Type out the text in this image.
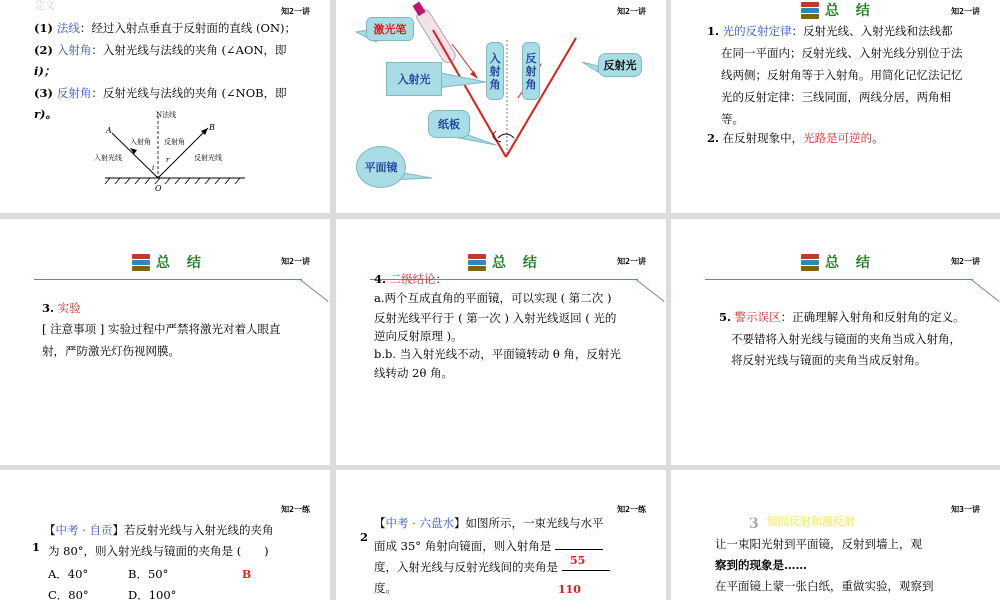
知2一讲
定义
(1) 法线：经过入射点垂直于反射面的直线 (ON)；
(2) 入射角：入射光线与法线的夹角 (∠AON，即
i)；
(3) 反射角：反射光线与法线的夹角 (∠NOB，即
r)。	N法线
A	B
O
入射角 反射角
入射光线	反射光线
i
r
知2一讲
激光笔
入射光
入
射
角
反
射
角
反射光
纸板
平面镜
知2一讲
总 结
1. 光的反射定律：反射光线、入射光线和法线都
在同一平面内；反射光线、入射光线分别位于法
线两侧；反射角等于入射角。用简化记忆法记忆
光的反射定律：三线同面，两线分居，两角相
等。
2. 在反射现象中，光路是可逆的。
知2一讲
总 结
3. 实验
[ 注意事项 ] 实验过程中严禁将激光对着人眼直
射，严防激光灯伤视网膜。
知2一讲
总 结
4. 二级结论：
a.两个互成直角的平面镜，可以实现 ( 第二次 )
反射光线平行于 ( 第一次 ) 入射光线返回 ( 光的
逆向反射原理 )。
b.b. 当入射光线不动，平面镜转动 θ 角，反射光
线转动 2θ 角。
知2一讲
总 结
5. 警示误区：正确理解入射角和反射角的定义。
不要错将入射光线与镜面的夹角当成入射角，
将反射光线与镜面的夹角当成反射角。
知2一练
1
【中考 · 自贡】若反射光线与入射光线的夹角
为 80°，则入射光线与镜面的夹角是 (　　)
A．40°	B．50°	B
C．80°	D．100°
知2一练
2
【中考 · 六盘水】如图所示，一束光线与水平
面成 35° 角射向镜面，则入射角是
55
度，入射光线与反射光线间的夹角是
度。	110
知3一讲
3 镜面反射和漫反射
让一束阳光射到平面镜，反射到墙上，观
察到的现象是……
在平面镜上蒙一张白纸，重做实验，观察到
